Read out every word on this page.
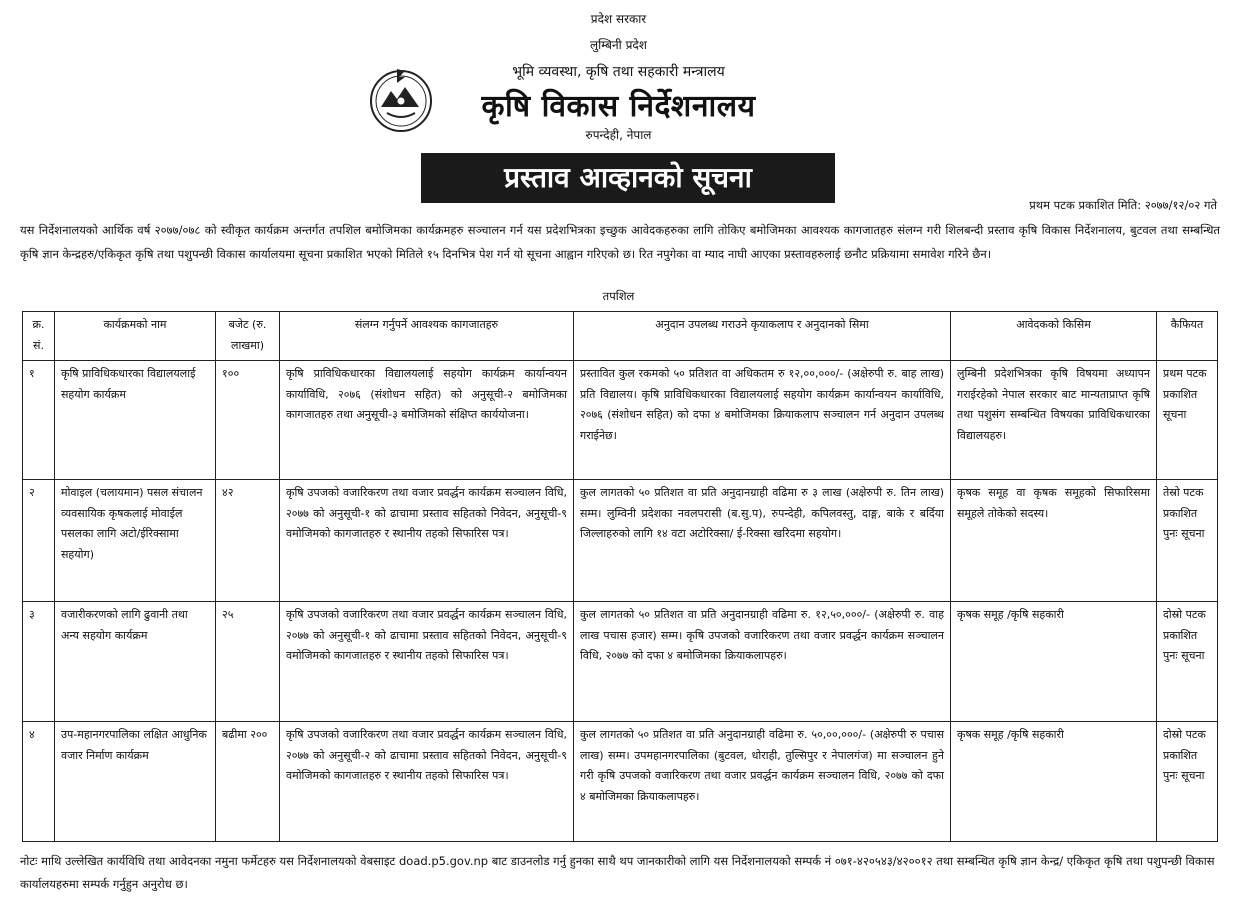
प्रदेश सरकार
लुम्बिनी प्रदेश
भूमि व्यवस्था, कृषि तथा सहकारी मन्त्रालय
कृषि विकास निर्देशनालय
रुपन्देही, नेपाल
प्रस्ताव आव्हानको सूचना
प्रथम पटक प्रकाशित मिति: २०७७/१२/०२ गते
यस निर्देशनालयको आर्थिक वर्ष २०७७/०७८ को स्वीकृत कार्यक्रम अन्तर्गत तपशिल बमोजिमका कार्यक्रमहरु सञ्चालन गर्न यस प्रदेशभित्रका इच्छुक आवेदकहरुका लागि तोकिए बमोजिमका आवश्यक कागजातहरु संलग्न गरी शिलबन्दी प्रस्ताव कृषि विकास निर्देशनालय, बुटवल तथा सम्बन्धित कृषि ज्ञान केन्द्रहरु/एकिकृत कृषि तथा पशुपन्छी विकास कार्यालयमा सूचना प्रकाशित भएको मितिले १५ दिनभित्र पेश गर्न यो सूचना आह्वान गरिएको छ। रित नपुगेका वा म्याद नाघी आएका प्रस्तावहरुलाई छनौट प्रक्रियामा समावेश गरिने छैन।
तपशिल
क्र. सं.	कार्यक्रमको नाम	बजेट (रु. लाखमा)	संलग्न गर्नुपर्ने आवश्यक कागजातहरु	अनुदान उपलब्ध गराउने कृयाकलाप र अनुदानको सिमा	आवेदकको किसिम	कैफियत
१	कृषि प्राविधिकधारका विद्यालयलाई सहयोग कार्यक्रम	१००	कृषि प्राविधिकधारका विद्यालयलाई सहयोग कार्यक्रम कार्यान्वयन कार्याविधि, २०७६ (संशोधन सहित) को अनुसूची-२ बमोजिमका कागजातहरु तथा अनुसूची-३ बमोजिमको संक्षिप्त कार्ययोजना।	प्रस्तावित कुल रकमको ५० प्रतिशत वा अधिकतम रु १२,००,०००/- (अक्षेरुपी रु. बाह लाख) प्रति विद्यालय। कृषि प्राविधिकधारका विद्यालयलाई सहयोग कार्यक्रम कार्यान्वयन कार्याविधि, २०७६ (संशोधन सहित) को दफा ४ बमोजिमका क्रियाकलाप सञ्चालन गर्न अनुदान उपलब्ध गराईनेछ।	लुम्बिनी प्रदेशभित्रका कृषि विषयमा अध्यापन गराईरहेको नेपाल सरकार बाट मान्यताप्राप्त कृषि तथा पशुसंग सम्बन्धित विषयका प्राविधिकधारका विद्यालयहरु।	प्रथम पटक प्रकाशित सूचना
२	मोवाइल (चलायमान) पसल संचालन व्यवसायिक कृषकलाई मोवाईल पसलका लागि अटो/ईरिक्सामा सहयोग)	४२	कृषि उपजको वजारिकरण तथा वजार प्रवर्द्धन कार्यक्रम सञ्चालन विधि, २०७७ को अनुसूची-१ को ढाचामा प्रस्ताव सहितको निवेदन, अनुसूची-९ वमोजिमको कागजातहरु र स्थानीय तहको सिफारिस पत्र।	कुल लागतको ५० प्रतिशत वा प्रति अनुदानग्राही वढिमा रु ३ लाख (अक्षेरुपी रु. तिन लाख) सम्म। लुम्विनी प्रदेशका नवलपरासी (ब.सु.प), रुपन्देही, कपिलवस्तु, दाङ्ग, बाके र बर्दिया जिल्लाहरुको लागि १४ वटा अटोरिक्सा/ ई-रिक्सा खरिदमा सहयोग।	कृषक समूह वा कृषक समूहको सिफारिसमा समूहले तोकेको सदस्य।	तेस्रो पटक प्रकाशित पुनः सूचना
३	वजारीकरणको लागि ढुवानी तथा अन्य सहयोग कार्यक्रम	२५	कृषि उपजको वजारिकरण तथा वजार प्रवर्द्धन कार्यक्रम सञ्चालन विधि, २०७७ को अनुसूची-१ को ढाचामा प्रस्ताव सहितको निवेदन, अनुसूची-९ वमोजिमको कागजातहरु र स्थानीय तहको सिफारिस पत्र।	कुल लागतको ५० प्रतिशत वा प्रति अनुदानग्राही वढिमा रु. १२,५०,०००/- (अक्षेरुपी रु. वाह लाख पचास हजार) सम्म। कृषि उपजको वजारिकरण तथा वजार प्रवर्द्धन कार्यक्रम सञ्चालन विधि, २०७७ को दफा ४ बमोजिमका क्रियाकलापहरु।	कृषक समूह /कृषि सहकारी	दोस्रो पटक प्रकाशित पुनः सूचना
४	उप-महानगरपालिका लक्षित आधुनिक वजार निर्माण कार्यक्रम	बढीमा २००	कृषि उपजको वजारिकरण तथा वजार प्रवर्द्धन कार्यक्रम सञ्चालन विधि, २०७७ को अनुसूची-२ को ढाचामा प्रस्ताव सहितको निवेदन, अनुसूची-९ वमोजिमको कागजातहरु र स्थानीय तहको सिफारिस पत्र।	कुल लागतको ५० प्रतिशत वा प्रति अनुदानग्राही वढिमा रु. ५०,००,०००/- (अक्षेरुपी रु पचास लाख) सम्म। उपमहानगरपालिका (बुटवल, धोराही, तुल्सिपुर र नेपालगंज) मा सञ्चालन हुने गरी कृषि उपजको वजारिकरण तथा वजार प्रवर्द्धन कार्यक्रम सञ्चालन विधि, २०७७ को दफा ४ बमोजिमका क्रियाकलापहरु।	कृषक समूह /कृषि सहकारी	दोस्रो पटक प्रकाशित पुनः सूचना
नोटः माथि उल्लेखित कार्यविधि तथा आवेदनका नमुना फर्मेटहरु यस निर्देशनालयको वेबसाइट doad.p5.gov.np बाट डाउनलोड गर्नु हुनका साथै थप जानकारीको लागि यस निर्देशनालयको सम्पर्क नं ०७१-४२०५४३/४२००१२ तथा सम्बन्धित कृषि ज्ञान केन्द्र/ एकिकृत कृषि तथा पशुपन्छी विकास कार्यालयहरुमा सम्पर्क गर्नुहुन अनुरोध छ।
